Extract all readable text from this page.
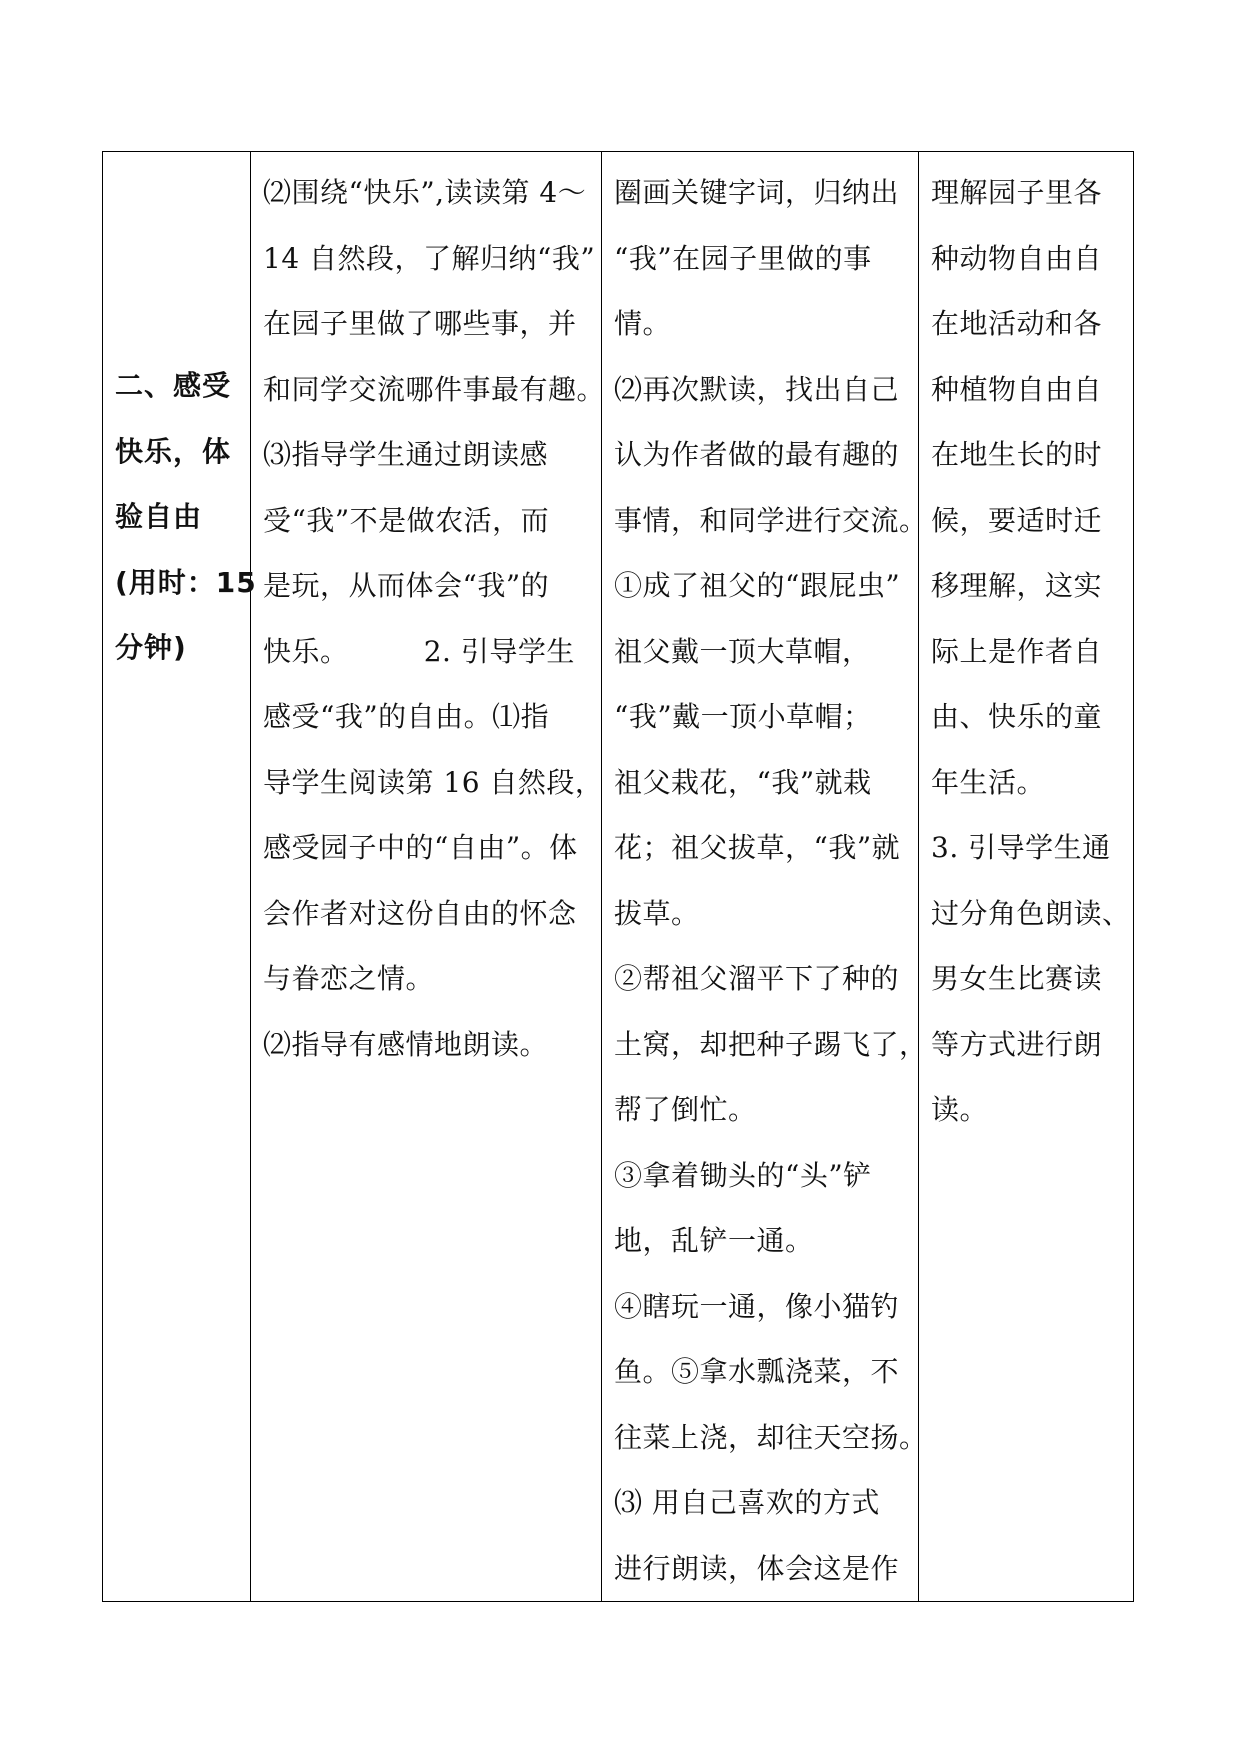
二、感受
快乐，体
验自由
(用时：15
分钟)

⑵围绕“快乐”,读读第 4～
14 自然段，了解归纳“我”
在园子里做了哪些事，并
和同学交流哪件事最有趣。
⑶指导学生通过朗读感
受“我”不是做农活，而
是玩，从而体会“我”的
快乐。        2. 引导学生
感受“我”的自由。⑴指
导学生阅读第 16 自然段，
感受园子中的“自由”。体
会作者对这份自由的怀念
与眷恋之情。
⑵指导有感情地朗读。

圈画关键字词，归纳出
“我”在园子里做的事
情。
⑵再次默读，找出自己
认为作者做的最有趣的
事情，和同学进行交流。
①成了祖父的“跟屁虫”
祖父戴一顶大草帽，
“我”戴一顶小草帽；
祖父栽花，“我”就栽
花；祖父拔草，“我”就
拔草。
②帮祖父溜平下了种的
土窝，却把种子踢飞了，
帮了倒忙。
③拿着锄头的“头”铲
地，乱铲一通。
④瞎玩一通，像小猫钓
鱼。⑤拿水瓢浇菜，不
往菜上浇，却往天空扬。
⑶ 用自己喜欢的方式
进行朗读，体会这是作

理解园子里各
种动物自由自
在地活动和各
种植物自由自
在地生长的时
候，要适时迁
移理解，这实
际上是作者自
由、快乐的童
年生活。
3. 引导学生通
过分角色朗读、
男女生比赛读
等方式进行朗
读。
